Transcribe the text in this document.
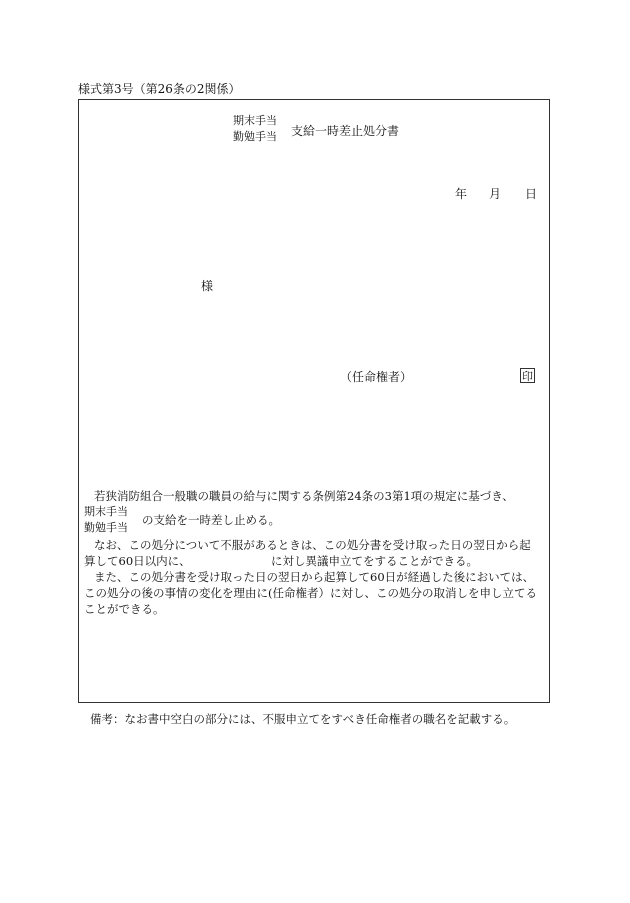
様式第3号（第26条の2関係）
期末手当
勤勉手当 支給一時差止処分書
年 月 日
様
（任命権者）	印
若狭消防組合一般職の職員の給与に関する条例第24条の3第1項の規定に基づき、
期末手当
勤勉手当
の支給を一時差し止める。
なお、この処分について不服があるときは、この処分書を受け取った日の翌日から起
算して60日以内に、	に対し異議申立てをすることができる。
また、この処分書を受け取った日の翌日から起算して60日が経過した後においては、
この処分の後の事情の変化を理由に(任命権者）に対し、この処分の取消しを申し立てる
ことができる。
備考：なお書中空白の部分には、不服申立てをすべき任命権者の職名を記載する。
